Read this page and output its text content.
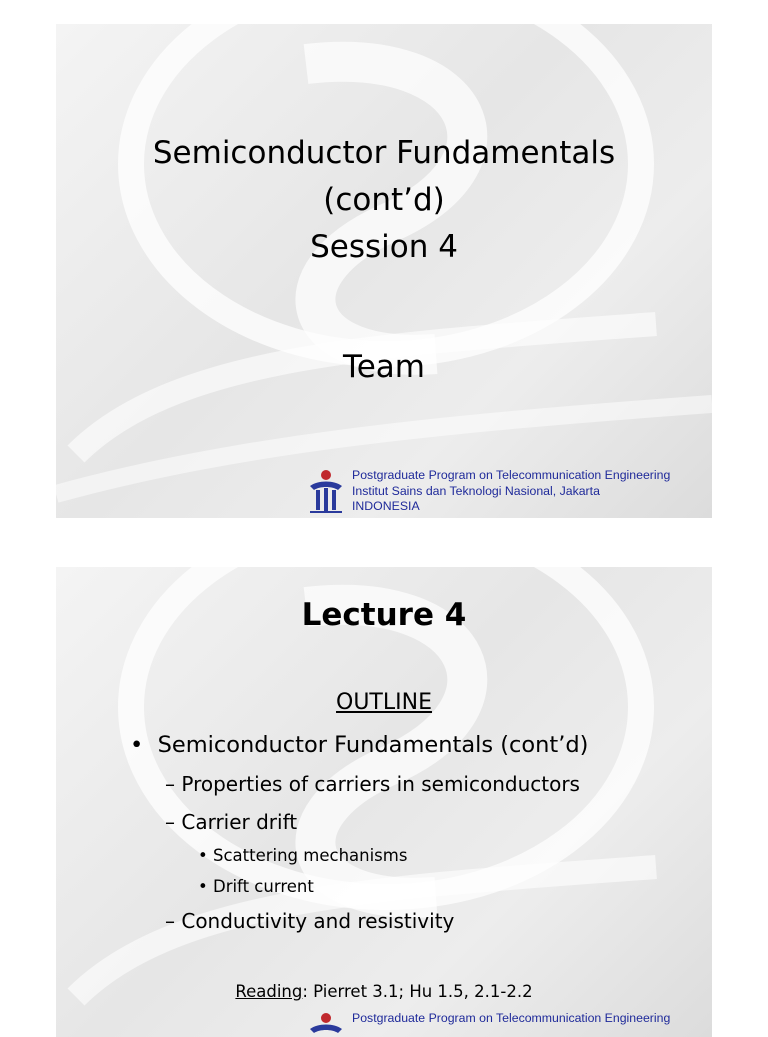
Semiconductor Fundamentals
(cont’d)
Session 4
Team
Postgraduate Program on Telecommunication Engineering
Institut Sains dan Teknologi Nasional, Jakarta
INDONESIA
Lecture 4
OUTLINE
•  Semiconductor Fundamentals (cont’d)
– Properties of carriers in semiconductors
– Carrier drift
• Scattering mechanisms
• Drift current
– Conductivity and resistivity
Reading: Pierret 3.1; Hu 1.5, 2.1-2.2
Postgraduate Program on Telecommunication Engineering
